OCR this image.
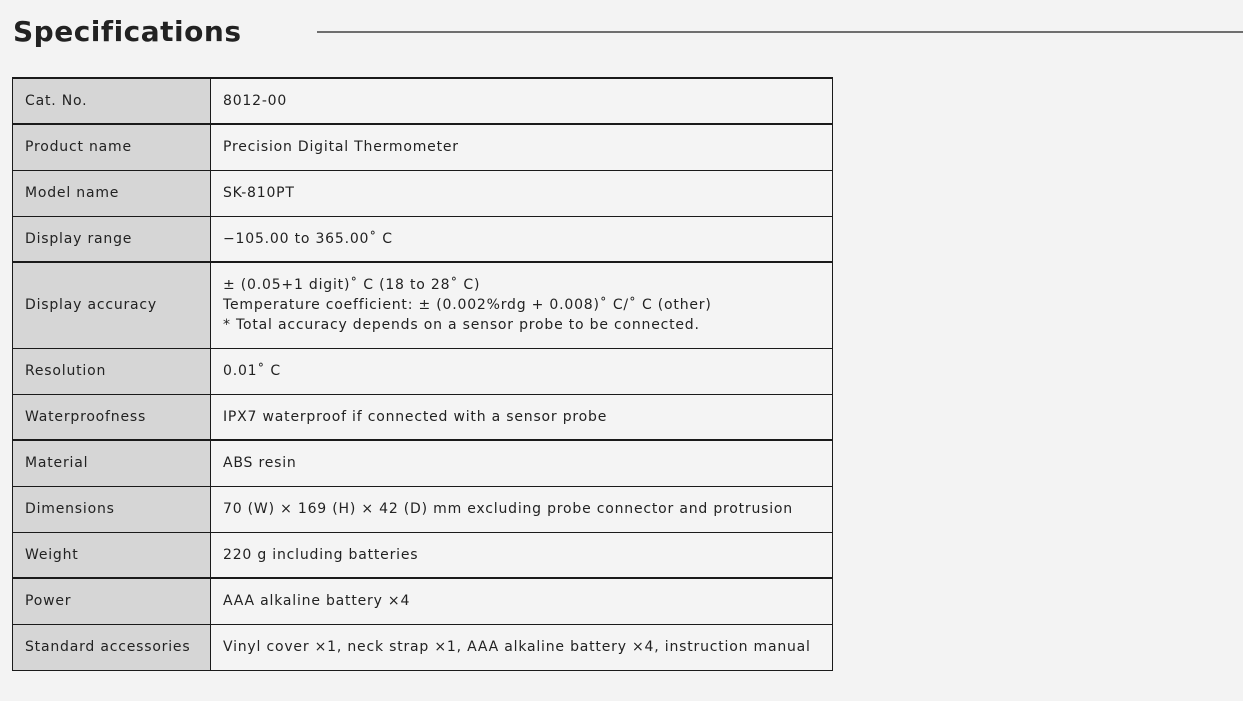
Specifications
Cat. No.	8012-00
Product name	Precision Digital Thermometer
Model name	SK-810PT
Display range	−105.00 to 365.00˚ C
Display accuracy	± (0.05+1 digit)˚ C (18 to 28˚ C)
Temperature coefficient: ± (0.002%rdg + 0.008)˚ C/˚ C (other)
* Total accuracy depends on a sensor probe to be connected.

Resolution	0.01˚ C
Waterproofness	IPX7 waterproof if connected with a sensor probe
Material	ABS resin
Dimensions	70 (W) × 169 (H) × 42 (D) mm excluding probe connector and protrusion
Weight	220 g including batteries
Power	AAA alkaline battery ×4
Standard accessories	Vinyl cover ×1, neck strap ×1, AAA alkaline battery ×4, instruction manual
